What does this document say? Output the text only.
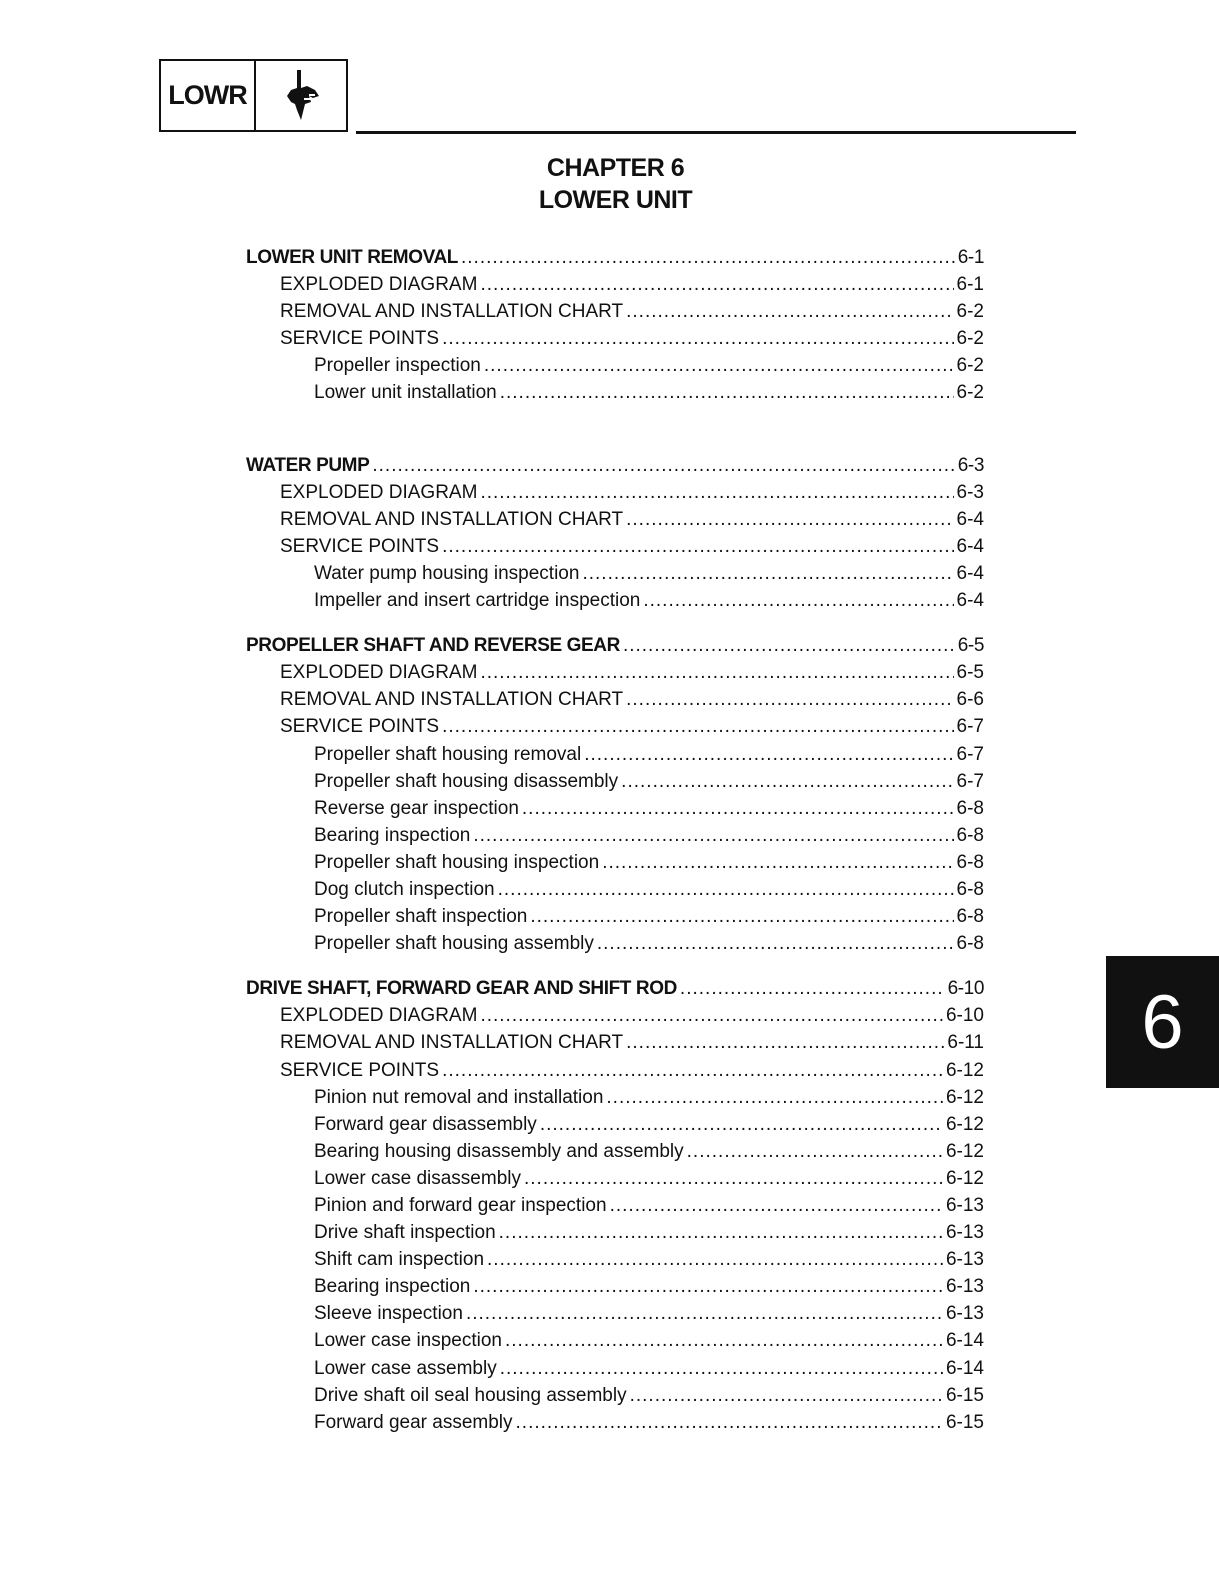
LOWR
CHAPTER 6
LOWER UNIT
LOWER UNIT REMOVAL .....	6-1
EXPLODED DIAGRAM .....	6-1
REMOVAL AND INSTALLATION CHART .....	6-2
SERVICE POINTS .....	6-2
Propeller inspection .....	6-2
Lower unit installation .....	6-2
WATER PUMP .....	6-3
EXPLODED DIAGRAM .....	6-3
REMOVAL AND INSTALLATION CHART .....	6-4
SERVICE POINTS .....	6-4
Water pump housing inspection .....	6-4
Impeller and insert cartridge inspection .....	6-4
PROPELLER SHAFT AND REVERSE GEAR .....	6-5
EXPLODED DIAGRAM .....	6-5
REMOVAL AND INSTALLATION CHART .....	6-6
SERVICE POINTS .....	6-7
Propeller shaft housing removal .....	6-7
Propeller shaft housing disassembly .....	6-7
Reverse gear inspection .....	6-8
Bearing inspection .....	6-8
Propeller shaft housing inspection .....	6-8
Dog clutch inspection .....	6-8
Propeller shaft inspection .....	6-8
Propeller shaft housing assembly .....	6-8
DRIVE SHAFT, FORWARD GEAR AND SHIFT ROD .....	6-10
EXPLODED DIAGRAM .....	6-10
REMOVAL AND INSTALLATION CHART .....	6-11
SERVICE POINTS .....	6-12
Pinion nut removal and installation .....	6-12
Forward gear disassembly .....	6-12
Bearing housing disassembly and assembly .....	6-12
Lower case disassembly .....	6-12
Pinion and forward gear inspection .....	6-13
Drive shaft inspection .....	6-13
Shift cam inspection .....	6-13
Bearing inspection .....	6-13
Sleeve inspection .....	6-13
Lower case inspection .....	6-14
Lower case assembly .....	6-14
Drive shaft oil seal housing assembly .....	6-15
Forward gear assembly .....	6-15
6
